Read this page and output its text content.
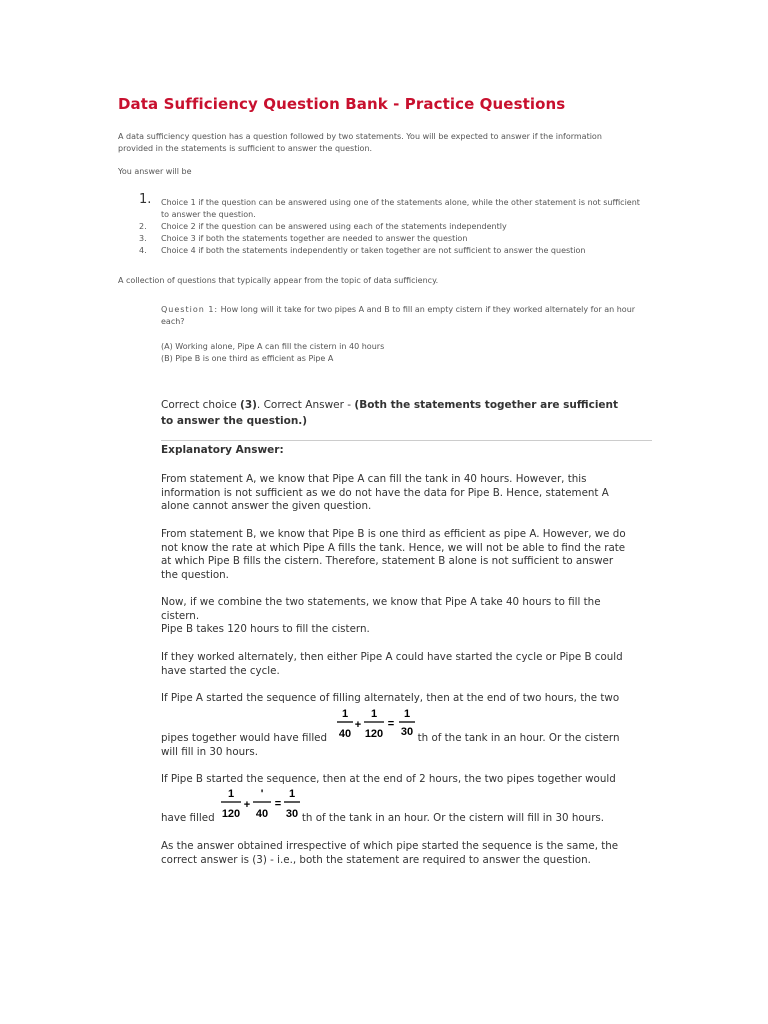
Data Sufficiency Question Bank - Practice Questions
A data sufficiency question has a question followed by two statements. You will be expected to answer if the information provided in the statements is sufficient to answer the question.
You answer will be
1. Choice 1 if the question can be answered using one of the statements alone, while the other statement is not sufficient to answer the question.
2. Choice 2 if the question can be answered using each of the statements independently
3. Choice 3 if both the statements together are needed to answer the question
4. Choice 4 if both the statements independently or taken together are not sufficient to answer the question
A collection of questions that typically appear from the topic of data sufficiency.
Question 1: How long will it take for two pipes A and B to fill an empty cistern if they worked alternately for an hour each?
(A) Working alone, Pipe A can fill the cistern in 40 hours
(B) Pipe B is one third as efficient as Pipe A
Correct choice (3). Correct Answer - (Both the statements together are sufficient to answer the question.)
Explanatory Answer:
From statement A, we know that Pipe A can fill the tank in 40 hours. However, this information is not sufficient as we do not have the data for Pipe B. Hence, statement A alone cannot answer the given question.
From statement B, we know that Pipe B is one third as efficient as pipe A. However, we do not know the rate at which Pipe A fills the tank. Hence, we will not be able to find the rate at which Pipe B fills the cistern. Therefore, statement B alone is not sufficient to answer the question.
Now, if we combine the two statements, we know that Pipe A take 40 hours to fill the cistern.
Pipe B takes 120 hours to fill the cistern.
If they worked alternately, then either Pipe A could have started the cycle or Pipe B could have started the cycle.
If Pipe A started the sequence of filling alternately, then at the end of two hours, the two
1
40
+
1
120
=
1
30
pipes together would have filled	th of the tank in an hour. Or the cistern will fill in 30 hours.
If Pipe B started the sequence, then at the end of 2 hours, the two pipes together would
1
120
+
'
40
=
1
30
have filled	th of the tank in an hour. Or the cistern will fill in 30 hours.
As the answer obtained irrespective of which pipe started the sequence is the same, the correct answer is (3) - i.e., both the statement are required to answer the question.
